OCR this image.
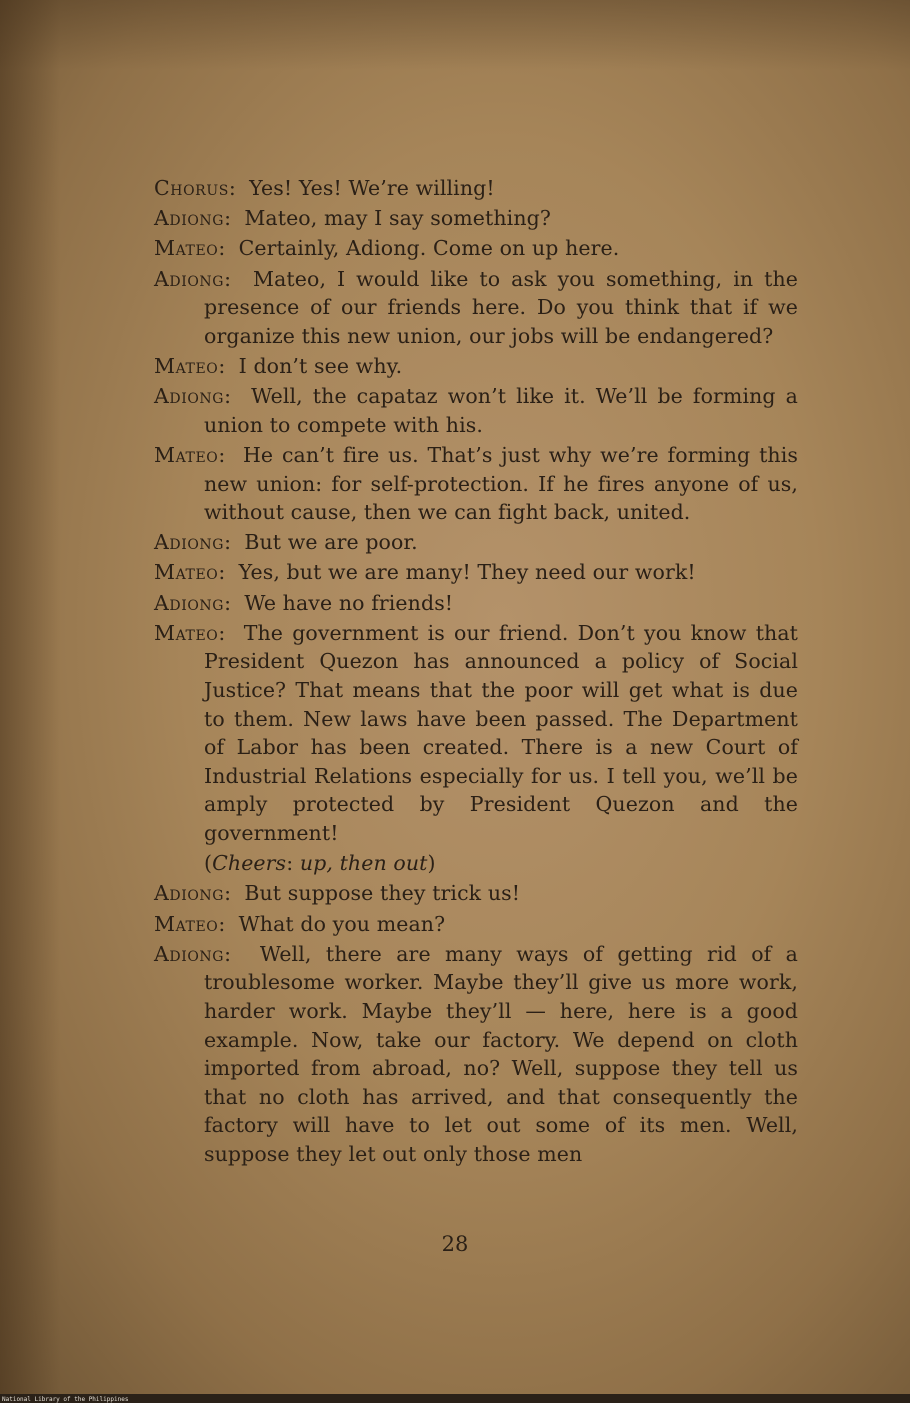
Chorus: Yes! Yes! We’re willing!

Adiong: Mateo, may I say something?

Mateo: Certainly, Adiong. Come on up here.

Adiong: Mateo, I would like to ask you something, in the presence of our friends here. Do you think that if we organize this new union, our jobs will be endangered?

Mateo: I don’t see why.

Adiong: Well, the capataz won’t like it. We’ll be forming a union to compete with his.

Mateo: He can’t fire us. That’s just why we’re forming this new union: for self-protection. If he fires anyone of us, without cause, then we can fight back, united.

Adiong: But we are poor.

Mateo: Yes, but we are many! They need our work!

Adiong: We have no friends!

Mateo: The government is our friend. Don’t you know that President Quezon has announced a policy of Social Justice? That means that the poor will get what is due to them. New laws have been passed. The Department of Labor has been created. There is a new Court of Industrial Relations especially for us. I tell you, we’ll be amply protected by President Quezon and the government!

(Cheers: up, then out)

Adiong: But suppose they trick us!

Mateo: What do you mean?

Adiong: Well, there are many ways of getting rid of a troublesome worker. Maybe they’ll give us more work, harder work. Maybe they’ll — here, here is a good example. Now, take our factory. We depend on cloth imported from abroad, no? Well, suppose they tell us that no cloth has arrived, and that consequently the factory will have to let out some of its men. Well, suppose they let out only those men

28
National Library of the Philippines
